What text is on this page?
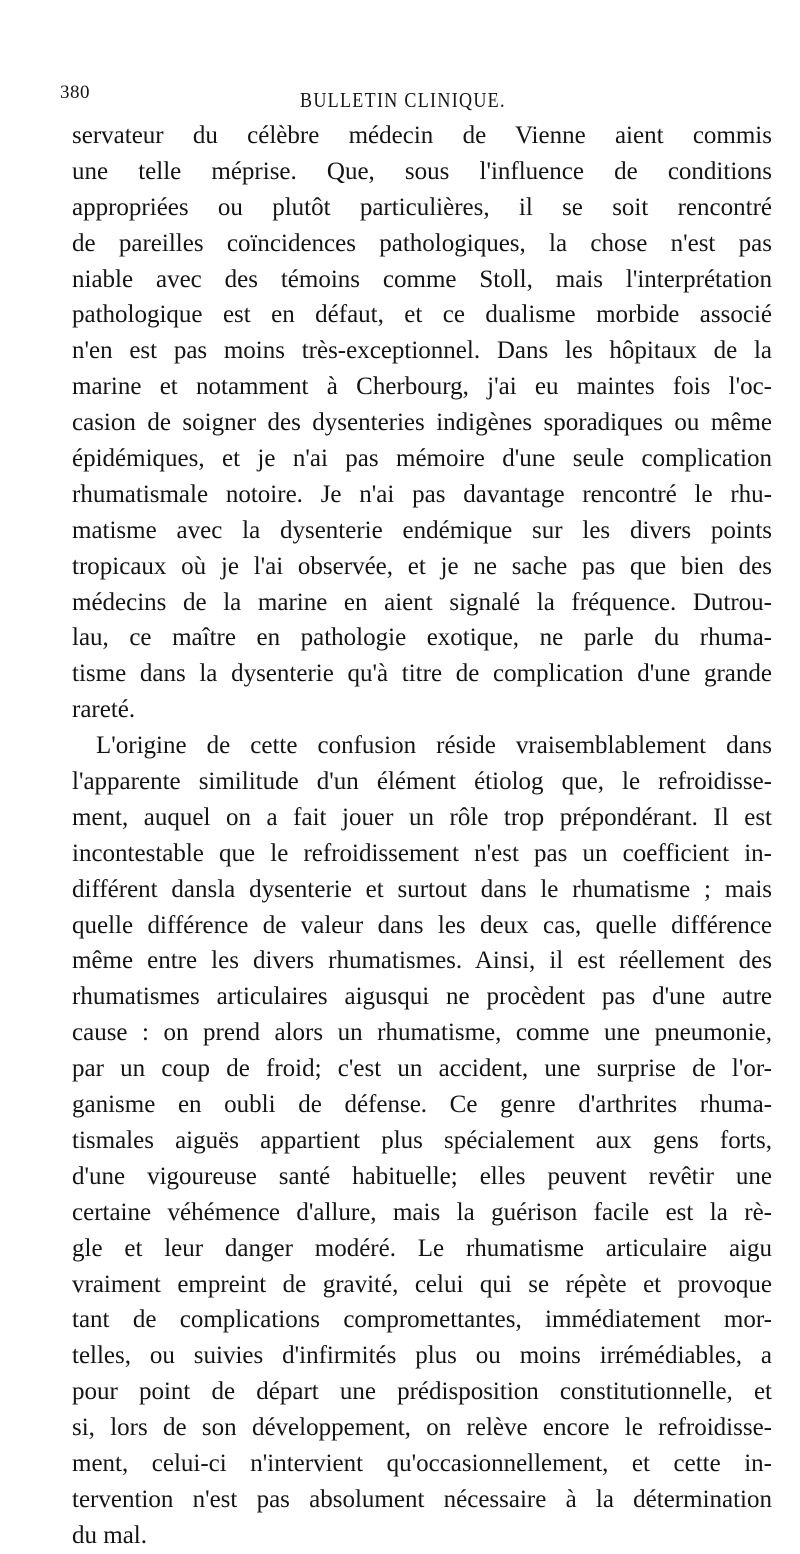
380	BULLETIN CLINIQUE.
servateur du célèbre médecin de Vienne aient commis
une telle méprise. Que, sous l'influence de conditions
appropriées ou plutôt particulières, il se soit rencontré
de pareilles coïncidences pathologiques, la chose n'est pas
niable avec des témoins comme Stoll, mais l'interprétation
pathologique est en défaut, et ce dualisme morbide associé
n'en est pas moins très-exceptionnel. Dans les hôpitaux de la
marine et notamment à Cherbourg, j'ai eu maintes fois l'oc-
casion de soigner des dysenteries indigènes sporadiques ou même
épidémiques, et je n'ai pas mémoire d'une seule complication
rhumatismale notoire. Je n'ai pas davantage rencontré le rhu-
matisme avec la dysenterie endémique sur les divers points
tropicaux où je l'ai observée, et je ne sache pas que bien des
médecins de la marine en aient signalé la fréquence. Dutrou-
lau, ce maître en pathologie exotique, ne parle du rhuma-
tisme dans la dysenterie qu'à titre de complication d'une grande
rareté.
L'origine de cette confusion réside vraisemblablement dans
l'apparente similitude d'un élément étiolog que, le refroidisse-
ment, auquel on a fait jouer un rôle trop prépondérant. Il est
incontestable que le refroidissement n'est pas un coefficient in-
différent dansla dysenterie et surtout dans le rhumatisme ; mais
quelle différence de valeur dans les deux cas, quelle différence
même entre les divers rhumatismes. Ainsi, il est réellement des
rhumatismes articulaires aigusqui ne procèdent pas d'une autre
cause : on prend alors un rhumatisme, comme une pneumonie,
par un coup de froid; c'est un accident, une surprise de l'or-
ganisme en oubli de défense. Ce genre d'arthrites rhuma-
tismales aiguës appartient plus spécialement aux gens forts,
d'une vigoureuse santé habituelle; elles peuvent revêtir une
certaine véhémence d'allure, mais la guérison facile est la rè-
gle et leur danger modéré. Le rhumatisme articulaire aigu
vraiment empreint de gravité, celui qui se répète et provoque
tant de complications compromettantes, immédiatement mor-
telles, ou suivies d'infirmités plus ou moins irrémédiables, a
pour point de départ une prédisposition constitutionnelle, et
si, lors de son développement, on relève encore le refroidisse-
ment, celui-ci n'intervient qu'occasionnellement, et cette in-
tervention n'est pas absolument nécessaire à la détermination
du mal.
